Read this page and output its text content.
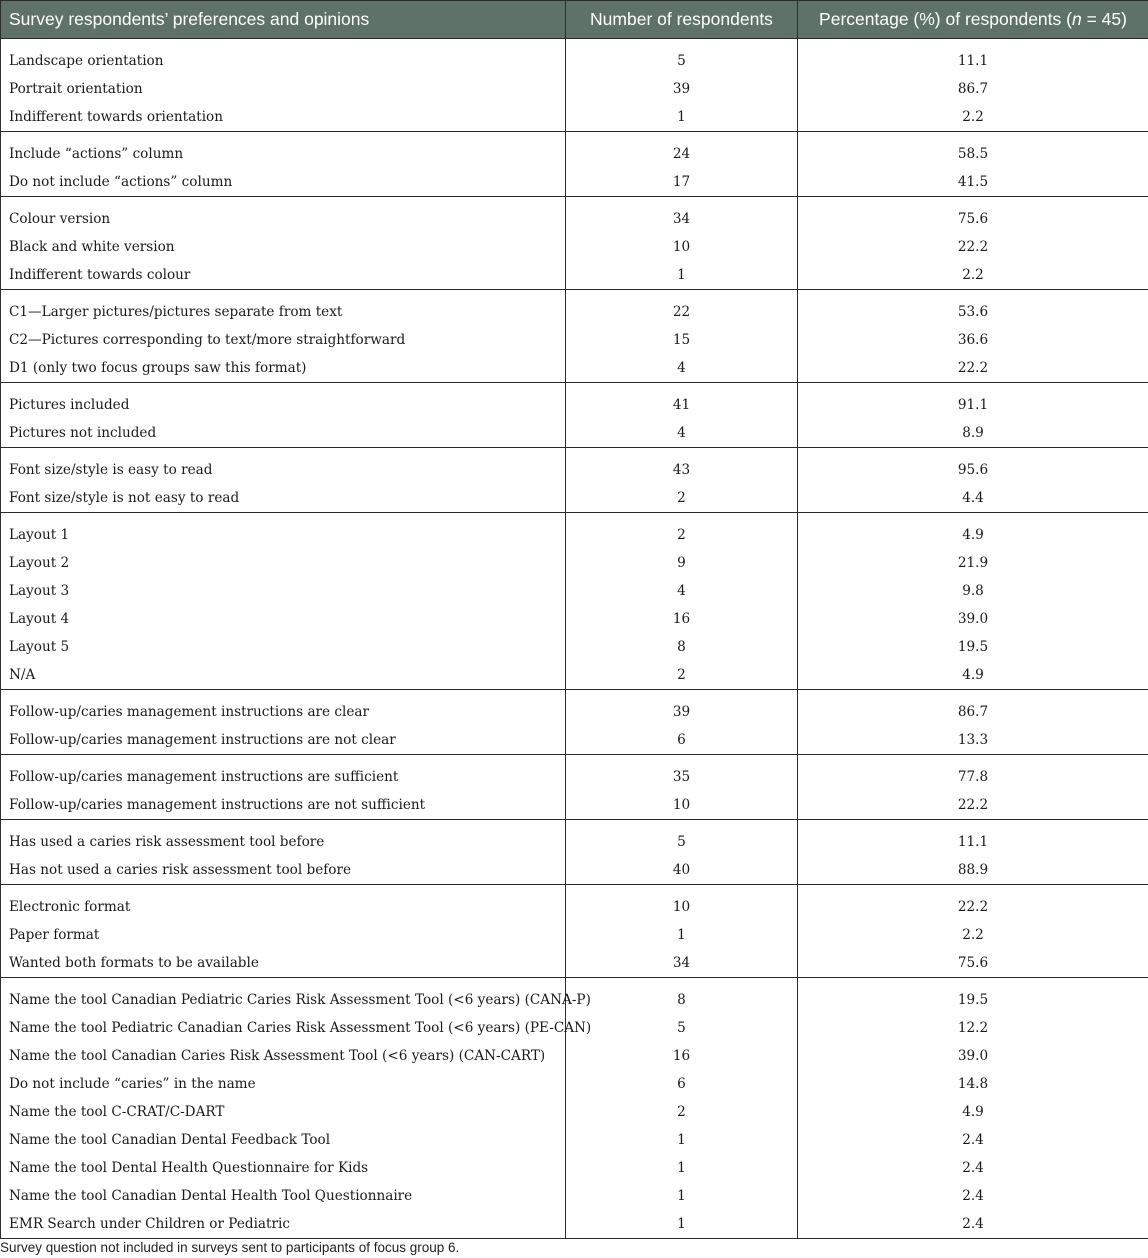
Survey respondents’ preferences and opinions	Number of respondents	Percentage (%) of respondents (n = 45)
Landscape orientation	5	11.1
Portrait orientation	39	86.7
Indifferent towards orientation	1	2.2
Include “actions” column	24	58.5
Do not include “actions” column	17	41.5
Colour version	34	75.6
Black and white version	10	22.2
Indifferent towards colour	1	2.2
C1—Larger pictures/pictures separate from text	22	53.6
C2—Pictures corresponding to text/more straightforward	15	36.6
D1 (only two focus groups saw this format)	4	22.2
Pictures included	41	91.1
Pictures not included	4	8.9
Font size/style is easy to read	43	95.6
Font size/style is not easy to read	2	4.4
Layout 1	2	4.9
Layout 2	9	21.9
Layout 3	4	9.8
Layout 4	16	39.0
Layout 5	8	19.5
N/A	2	4.9
Follow-up/caries management instructions are clear	39	86.7
Follow-up/caries management instructions are not clear	6	13.3
Follow-up/caries management instructions are sufficient	35	77.8
Follow-up/caries management instructions are not sufficient	10	22.2
Has used a caries risk assessment tool before	5	11.1
Has not used a caries risk assessment tool before	40	88.9
Electronic format	10	22.2
Paper format	1	2.2
Wanted both formats to be available	34	75.6
Name the tool Canadian Pediatric Caries Risk Assessment Tool (<6 years) (CANA-P)	8	19.5
Name the tool Pediatric Canadian Caries Risk Assessment Tool (<6 years) (PE-CAN)	5	12.2
Name the tool Canadian Caries Risk Assessment Tool (<6 years) (CAN-CART)	16	39.0
Do not include “caries” in the name	6	14.8
Name the tool C-CRAT/C-DART	2	4.9
Name the tool Canadian Dental Feedback Tool	1	2.4
Name the tool Dental Health Questionnaire for Kids	1	2.4
Name the tool Canadian Dental Health Tool Questionnaire	1	2.4
EMR Search under Children or Pediatric	1	2.4
Survey question not included in surveys sent to participants of focus group 6.
